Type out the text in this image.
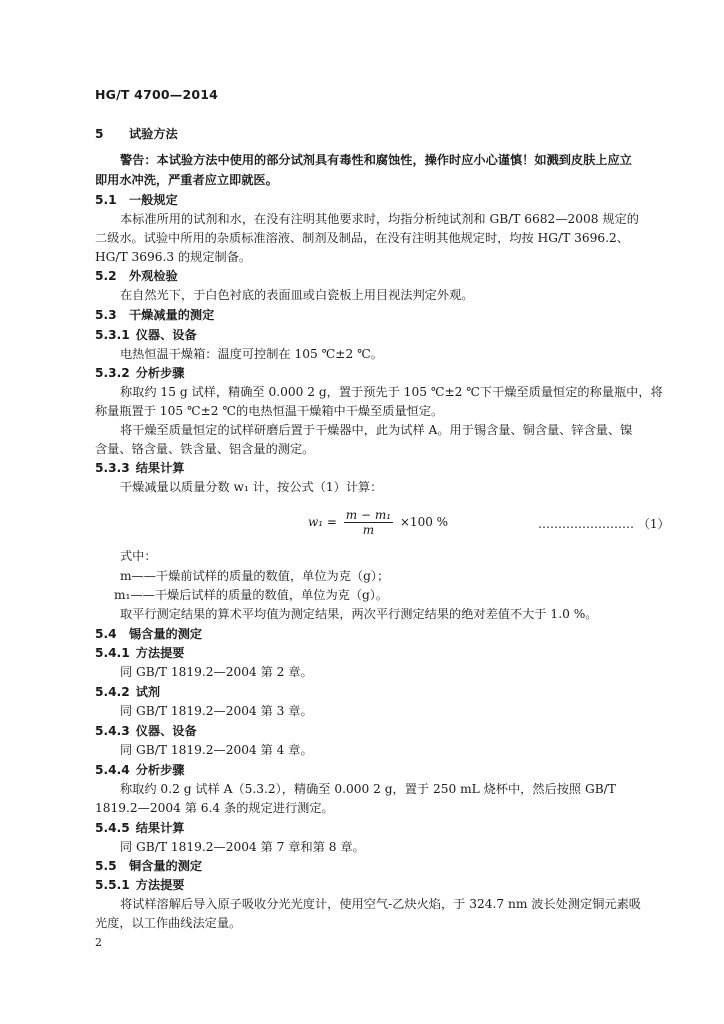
HG/T 4700—2014
5 试验方法
警告：本试验方法中使用的部分试剂具有毒性和腐蚀性，操作时应小心谨慎！如溅到皮肤上应立
即用水冲洗，严重者应立即就医。
5.1 一般规定
本标准所用的试剂和水，在没有注明其他要求时，均指分析纯试剂和 GB/T 6682—2008 规定的
二级水。试验中所用的杂质标准溶液、制剂及制品，在没有注明其他规定时，均按 HG/T 3696.2、
HG/T 3696.3 的规定制备。
5.2 外观检验
在自然光下，于白色衬底的表面皿或白瓷板上用目视法判定外观。
5.3 干燥减量的测定
5.3.1 仪器、设备
电热恒温干燥箱：温度可控制在 105 ℃±2 ℃。
5.3.2 分析步骤
称取约 15 g 试样，精确至 0.000 2 g，置于预先于 105 ℃±2 ℃下干燥至质量恒定的称量瓶中，将
称量瓶置于 105 ℃±2 ℃的电热恒温干燥箱中干燥至质量恒定。
将干燥至质量恒定的试样研磨后置于干燥器中，此为试样 A。用于锡含量、铜含量、锌含量、镍
含量、铬含量、铁含量、铝含量的测定。
5.3.3 结果计算
干燥减量以质量分数 w₁ 计，按公式（1）计算：
$w_1 = \frac{\text{m − m₁}}{m} \times 100$ %	…………………… （1）
式中：
m——干燥前试样的质量的数值，单位为克（g）；
m₁——干燥后试样的质量的数值，单位为克（g）。
取平行测定结果的算术平均值为测定结果，两次平行测定结果的绝对差值不大于 1.0 %。
5.4 锡含量的测定
5.4.1 方法提要
同 GB/T 1819.2—2004 第 2 章。
5.4.2 试剂
同 GB/T 1819.2—2004 第 3 章。
5.4.3 仪器、设备
同 GB/T 1819.2—2004 第 4 章。
5.4.4 分析步骤
称取约 0.2 g 试样 A（5.3.2），精确至 0.000 2 g，置于 250 mL 烧杯中，然后按照 GB/T
1819.2—2004 第 6.4 条的规定进行测定。
5.4.5 结果计算
同 GB/T 1819.2—2004 第 7 章和第 8 章。
5.5 铜含量的测定
5.5.1 方法提要
将试样溶解后导入原子吸收分光光度计，使用空气-乙炔火焰，于 324.7 nm 波长处测定铜元素吸
光度，以工作曲线法定量。
2
